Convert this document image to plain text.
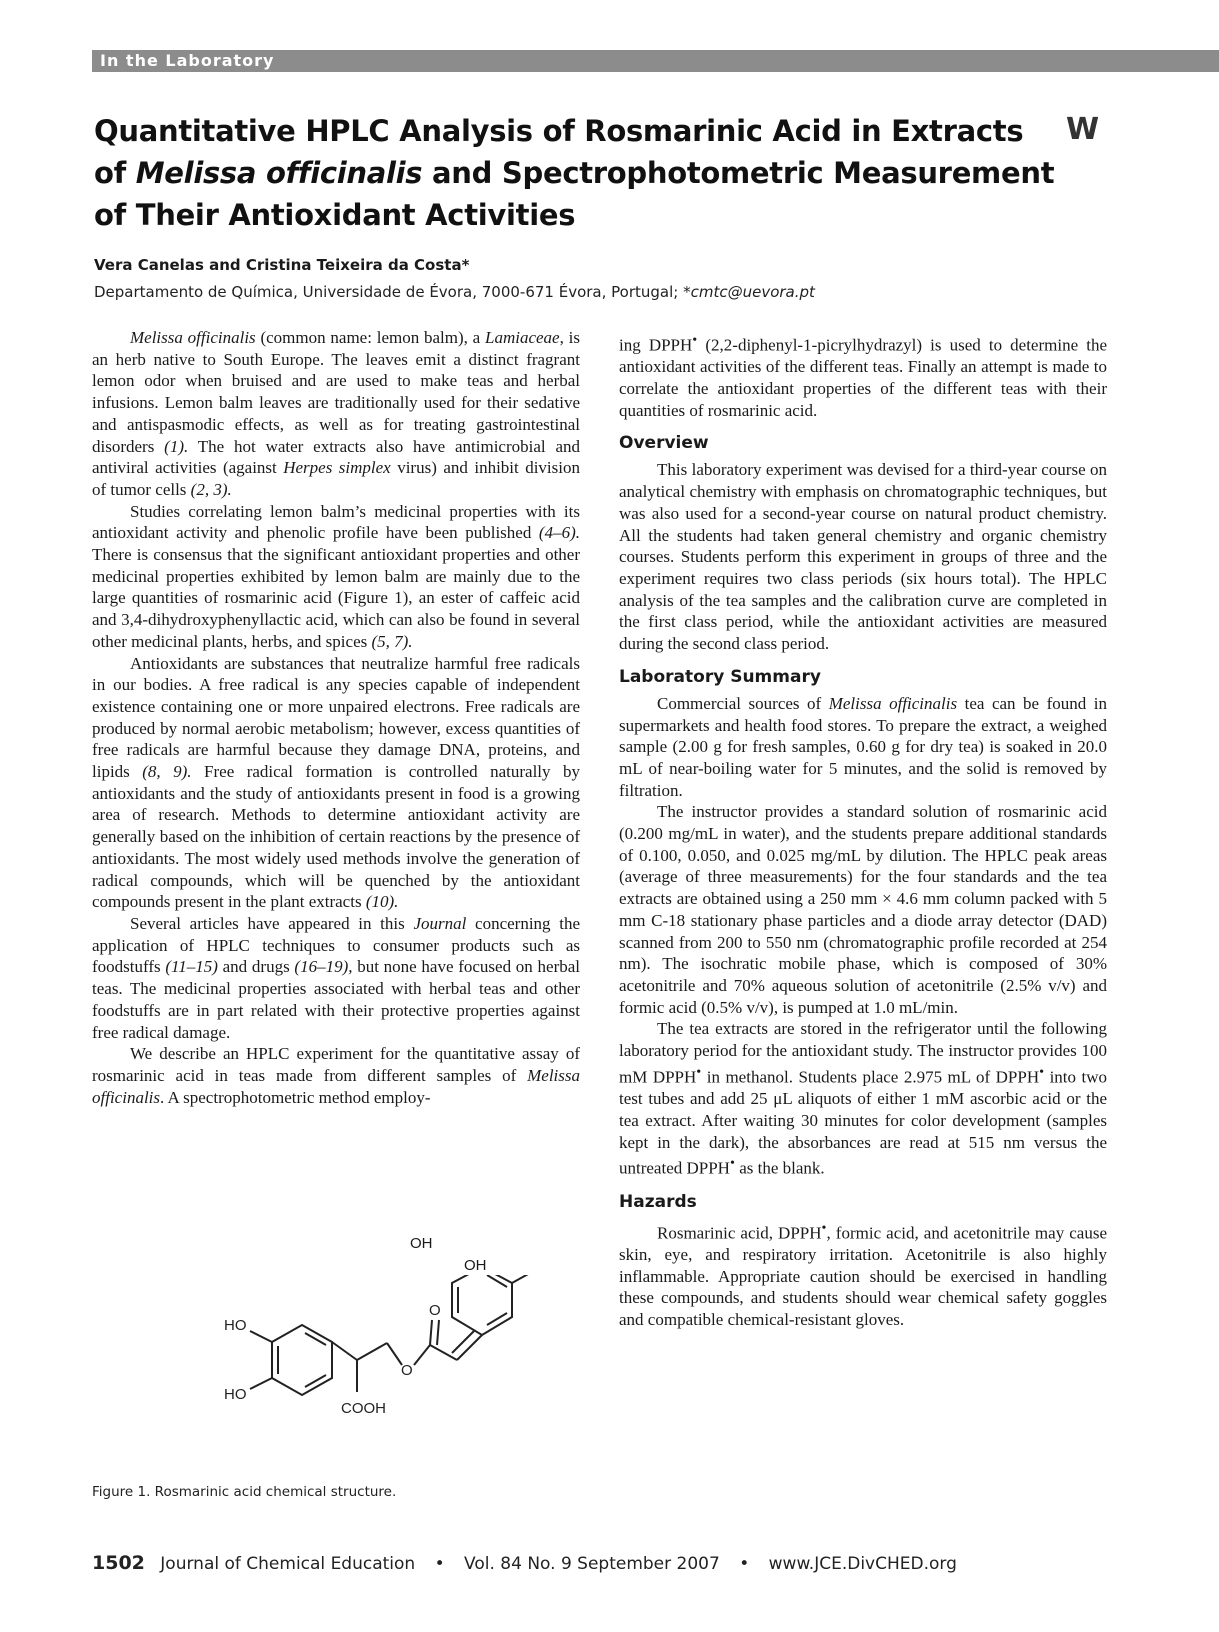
In the Laboratory
Quantitative HPLC Analysis of Rosmarinic Acid in Extracts
of Melissa officinalis and Spectrophotometric Measurement
of Their Antioxidant Activities
W
Vera Canelas and Cristina Teixeira da Costa*
Departamento de Química, Universidade de Évora, 7000-671 Évora, Portugal; *cmtc@uevora.pt

Melissa officinalis (common name: lemon balm), a Lamiaceae, is an herb native to South Europe. The leaves emit a distinct fragrant lemon odor when bruised and are used to make teas and herbal infusions. Lemon balm leaves are traditionally used for their sedative and antispasmodic effects, as well as for treating gastrointestinal disorders (1). The hot water extracts also have antimicrobial and antiviral activities (against Herpes simplex virus) and inhibit division of tumor cells (2, 3).

Studies correlating lemon balm’s medicinal properties with its antioxidant activity and phenolic profile have been published (4–6). There is consensus that the significant antioxidant properties and other medicinal properties exhibited by lemon balm are mainly due to the large quantities of rosmarinic acid (Figure 1), an ester of caffeic acid and 3,4-dihydroxyphenyllactic acid, which can also be found in several other medicinal plants, herbs, and spices (5, 7).

Antioxidants are substances that neutralize harmful free radicals in our bodies. A free radical is any species capable of independent existence containing one or more unpaired electrons. Free radicals are produced by normal aerobic metabolism; however, excess quantities of free radicals are harmful because they damage DNA, proteins, and lipids (8, 9). Free radical formation is controlled naturally by antioxidants and the study of antioxidants present in food is a growing area of research. Methods to determine antioxidant activity are generally based on the inhibition of certain reactions by the presence of antioxidants. The most widely used methods involve the generation of radical compounds, which will be quenched by the antioxidant compounds present in the plant extracts (10).

Several articles have appeared in this Journal concerning the application of HPLC techniques to consumer products such as foodstuffs (11–15) and drugs (16–19), but none have focused on herbal teas. The medicinal properties associated with herbal teas and other foodstuffs are in part related with their protective properties against free radical damage.

We describe an HPLC experiment for the quantitative assay of rosmarinic acid in teas made from different samples of Melissa officinalis. A spectrophotometric method employ-

ing DPPH• (2,2-diphenyl-1-picrylhydrazyl) is used to determine the antioxidant activities of the different teas. Finally an attempt is made to correlate the antioxidant properties of the different teas with their quantities of rosmarinic acid.

Overview

This laboratory experiment was devised for a third-year course on analytical chemistry with emphasis on chromatographic techniques, but was also used for a second-year course on natural product chemistry. All the students had taken general chemistry and organic chemistry courses. Students perform this experiment in groups of three and the experiment requires two class periods (six hours total). The HPLC analysis of the tea samples and the calibration curve are completed in the first class period, while the antioxidant activities are measured during the second class period.

Laboratory Summary

Commercial sources of Melissa officinalis tea can be found in supermarkets and health food stores. To prepare the extract, a weighed sample (2.00 g for fresh samples, 0.60 g for dry tea) is soaked in 20.0 mL of near-boiling water for 5 minutes, and the solid is removed by filtration.

The instructor provides a standard solution of rosmarinic acid (0.200 mg/mL in water), and the students prepare additional standards of 0.100, 0.050, and 0.025 mg/mL by dilution. The HPLC peak areas (average of three measurements) for the four standards and the tea extracts are obtained using a 250 mm × 4.6 mm column packed with 5 mm C-18 stationary phase particles and a diode array detector (DAD) scanned from 200 to 550 nm (chromatographic profile recorded at 254 nm). The isochratic mobile phase, which is composed of 30% acetonitrile and 70% aqueous solution of acetonitrile (2.5% v/v) and formic acid (0.5% v/v), is pumped at 1.0 mL/min.

The tea extracts are stored in the refrigerator until the following laboratory period for the antioxidant study. The instructor provides 100 mM DPPH• in methanol. Students place 2.975 mL of DPPH• into two test tubes and add 25 μL aliquots of either 1 mM ascorbic acid or the tea extract. After waiting 30 minutes for color development (samples kept in the dark), the absorbances are read at 515 nm versus the untreated DPPH• as the blank.

Hazards

Rosmarinic acid, DPPH•, formic acid, and acetonitrile may cause skin, eye, and respiratory irritation. Acetonitrile is also highly inflammable. Appropriate caution should be exercised in handling these compounds, and students should wear chemical safety goggles and compatible chemical-resistant gloves.

HO
HO
COOH
O
O
OH
OH
Figure 1. Rosmarinic acid chemical structure.
1502 Journal of Chemical Education • Vol. 84 No. 9 September 2007 • www.JCE.DivCHED.org
